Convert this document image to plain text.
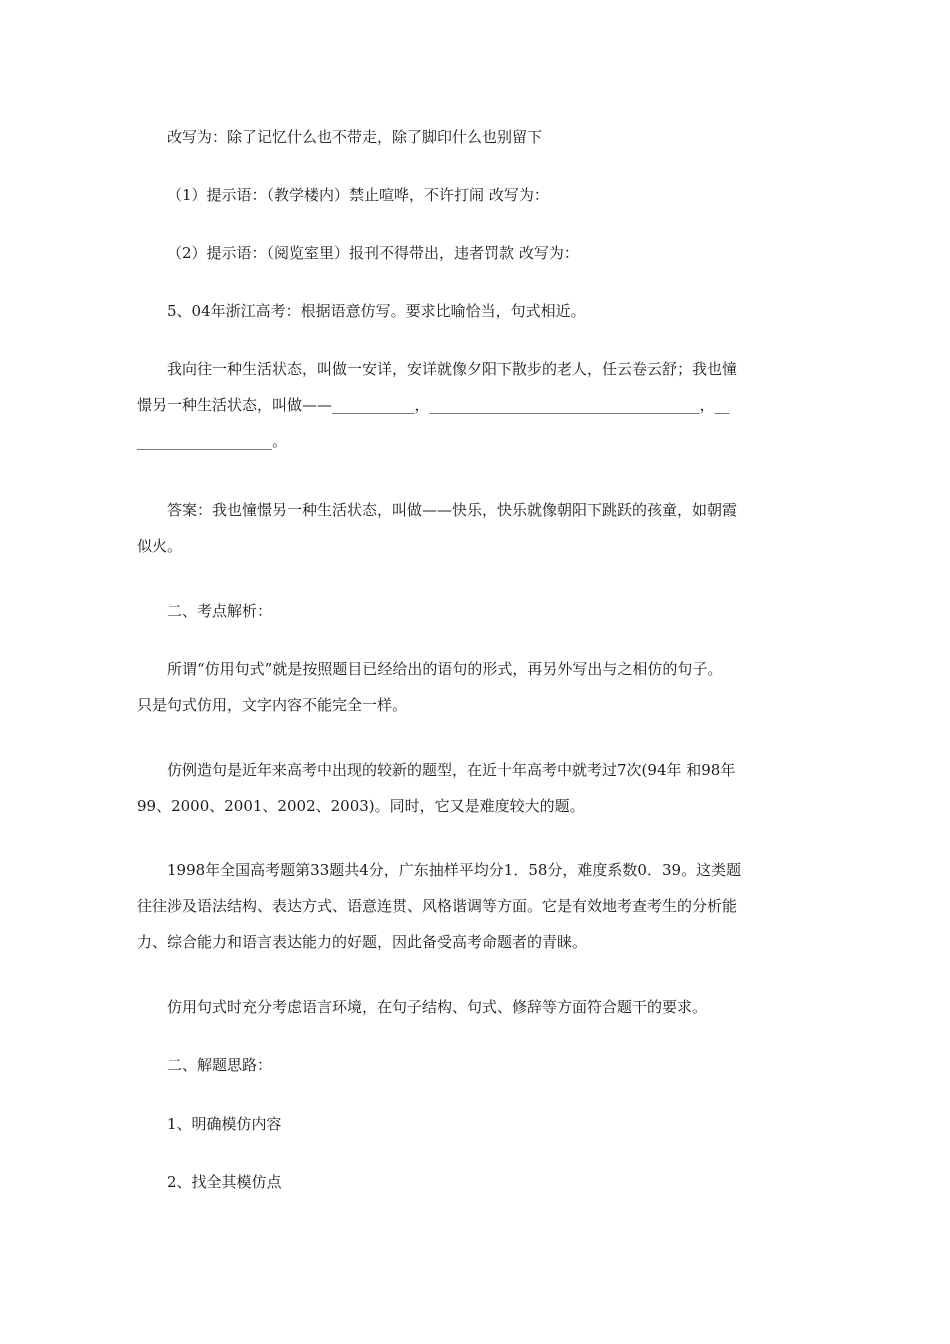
改写为：除了记忆什么也不带走，除了脚印什么也别留下

（1）提示语：（教学楼内）禁止喧哗，不许打闹 改写为：

（2）提示语：（阅览室里）报刊不得带出，违者罚款 改写为：

5、04年浙江高考：根据语意仿写。要求比喻恰当，句式相近。

我向往一种生活状态，叫做一安详，安详就像夕阳下散步的老人，任云卷云舒；我也憧
憬另一种生活状态，叫做——___________，____________________________________，__
__________________。
答案：我也憧憬另一种生活状态，叫做——快乐，快乐就像朝阳下跳跃的孩童，如朝霞
似火。

二、考点解析：

所谓“仿用句式”就是按照题目已经给出的语句的形式，再另外写出与之相仿的句子。
只是句式仿用，文字内容不能完全一样。
仿例造句是近年来高考中出现的较新的题型，在近十年高考中就考过7次(94年 和98年
99、2000、2001、2002、2003)。同时，它又是难度较大的题。
1998年全国高考题第33题共4分，广东抽样平均分1．58分，难度系数0．39。这类题
往往涉及语法结构、表达方式、语意连贯、风格谐调等方面。它是有效地考查考生的分析能
力、综合能力和语言表达能力的好题，因此备受高考命题者的青睐。

仿用句式时充分考虑语言环境，在句子结构、句式、修辞等方面符合题干的要求。

二、解题思路：

1、明确模仿内容

2、找全其模仿点
